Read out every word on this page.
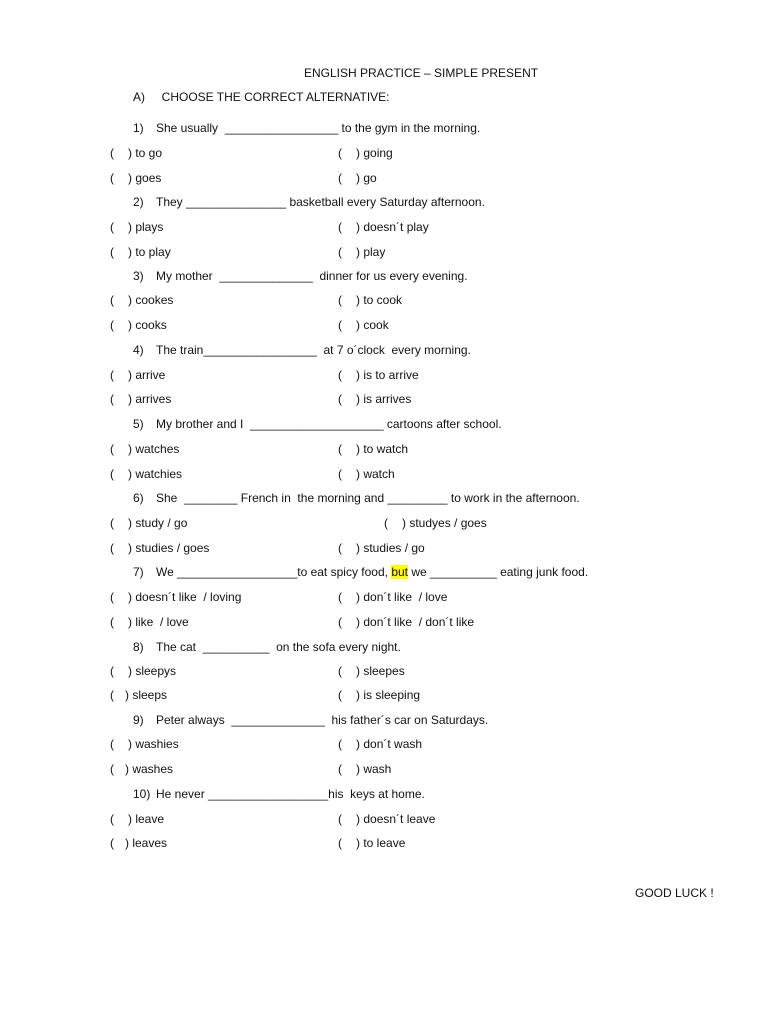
ENGLISH PRACTICE – SIMPLE PRESENT
A)     CHOOSE THE CORRECT ALTERNATIVE:
1) She usually  _________________ to the gym in the morning.
( ) to go	( ) going
( ) goes	( ) go
2) They _______________ basketball every Saturday afternoon.
( ) plays	( ) doesn´t play
( ) to play	( ) play
3) My mother  ______________  dinner for us every evening.
( ) cookes	( ) to cook
( ) cooks	( ) cook
4) The train_________________  at 7 o´clock  every morning.
( ) arrive	( ) is to arrive
( ) arrives	( ) is arrives
5) My brother and I  ____________________ cartoons after school.
( ) watches	( ) to watch
( ) watchies	( ) watch
6) She  ________ French in  the morning and _________ to work in the afternoon.
( ) study / go	( ) studyes / goes
( ) studies / goes	( ) studies / go
7) We __________________to eat spicy food, but we __________ eating junk food.
( ) doesn´t like  / loving	( ) don´t like  / love
( ) like  / love	( ) don´t like  / don´t like
8) The cat  __________  on the sofa every night.
( ) sleepys	( ) sleepes
( ) sleeps	( ) is sleeping
9) Peter always  ______________  his father´s car on Saturdays.
( ) washies	( ) don´t wash
( ) washes	( ) wash
10) He never __________________his  keys at home.
( ) leave	( ) doesn´t leave
( ) leaves	( ) to leave
GOOD LUCK !
